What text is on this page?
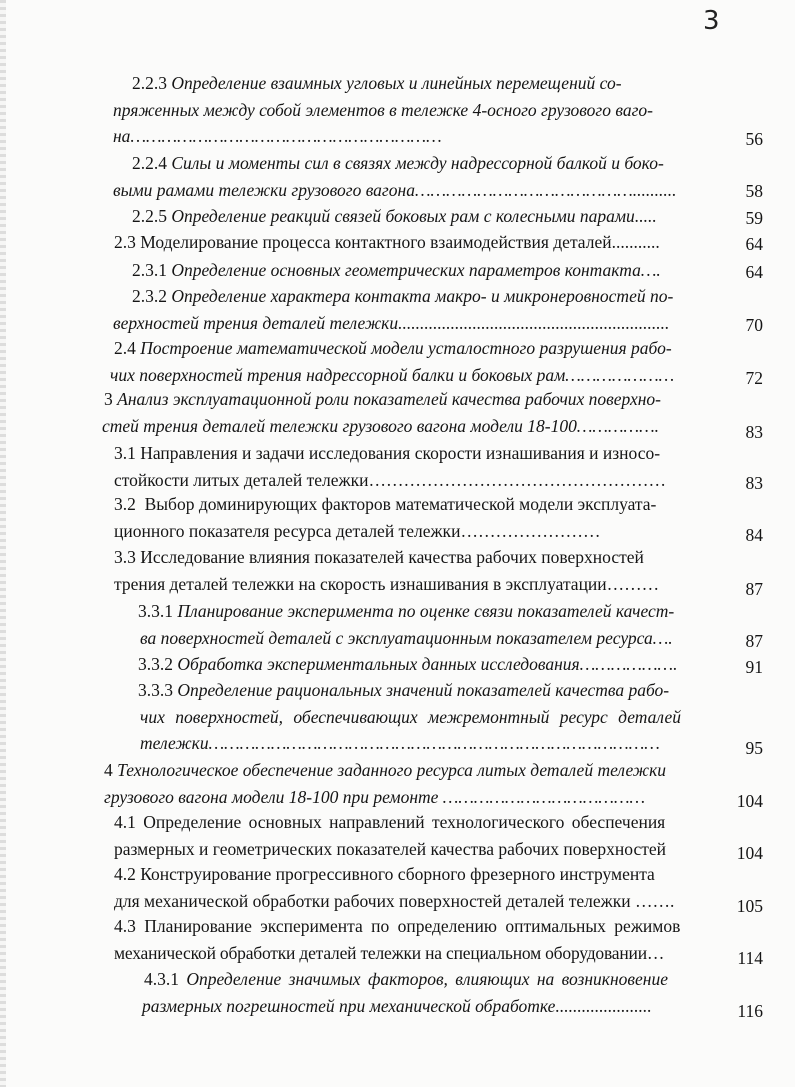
3
2.2.3 Определение взаимных угловых и линейных перемещений со-
пряженных между собой элементов в тележке 4-осного грузового ваго-
на……………………………………………………	56
2.2.4 Силы и моменты сил в связях между надрессорной балкой и боко-
выми рамами тележки грузового вагона……………………………………..........	58
2.2.5 Определение реакций связей боковых рам с колесными парами.....	59
2.3 Моделирование процесса контактного взаимодействия деталей...........	64
2.3.1 Определение основных геометрических параметров контакта….	64
2.3.2 Определение характера контакта макро- и микронеровностей по-
верхностей трения деталей тележки..............................................................	70
2.4 Построение математической модели усталостного разрушения рабо-
чих поверхностей трения надрессорной балки и боковых рам…………………	72
3 Анализ эксплуатационной роли показателей качества рабочих поверхно-
стей трения деталей тележки грузового вагона модели 18-100…………….	83
3.1 Направления и задачи исследования скорости изнашивания и износо-
стойкости литых деталей тележки……………………………………………	83
3.2 Выбор доминирующих факторов математической модели эксплуата-
ционного показателя ресурса деталей тележки……………………	84
3.3 Исследование влияния показателей качества рабочих поверхностей
трения деталей тележки на скорость изнашивания в эксплуатации………	87
3.3.1 Планирование эксперимента по оценке связи показателей качест-
ва поверхностей деталей с эксплуатационным показателем ресурса….	87
3.3.2 Обработка экспериментальных данных исследования……………….	91
3.3.3 Определение рациональных значений показателей качества рабо-
чих поверхностей, обеспечивающих межремонтный ресурс деталей
тележки……………………………………………………………………………	95
4 Технологическое обеспечение заданного ресурса литых деталей тележки
грузового вагона модели 18-100 при ремонте …………………………………	104
4.1 Определение основных направлений технологического обеспечения
размерных и геометрических показателей качества рабочих поверхностей	104
4.2 Конструирование прогрессивного сборного фрезерного инструмента
для механической обработки рабочих поверхностей деталей тележки …….	105
4.3 Планирование эксперимента по определению оптимальных режимов
механической обработки деталей тележки на специальном оборудовании…	114
4.3.1 Определение значимых факторов, влияющих на возникновение
размерных погрешностей при механической обработке......................	116
